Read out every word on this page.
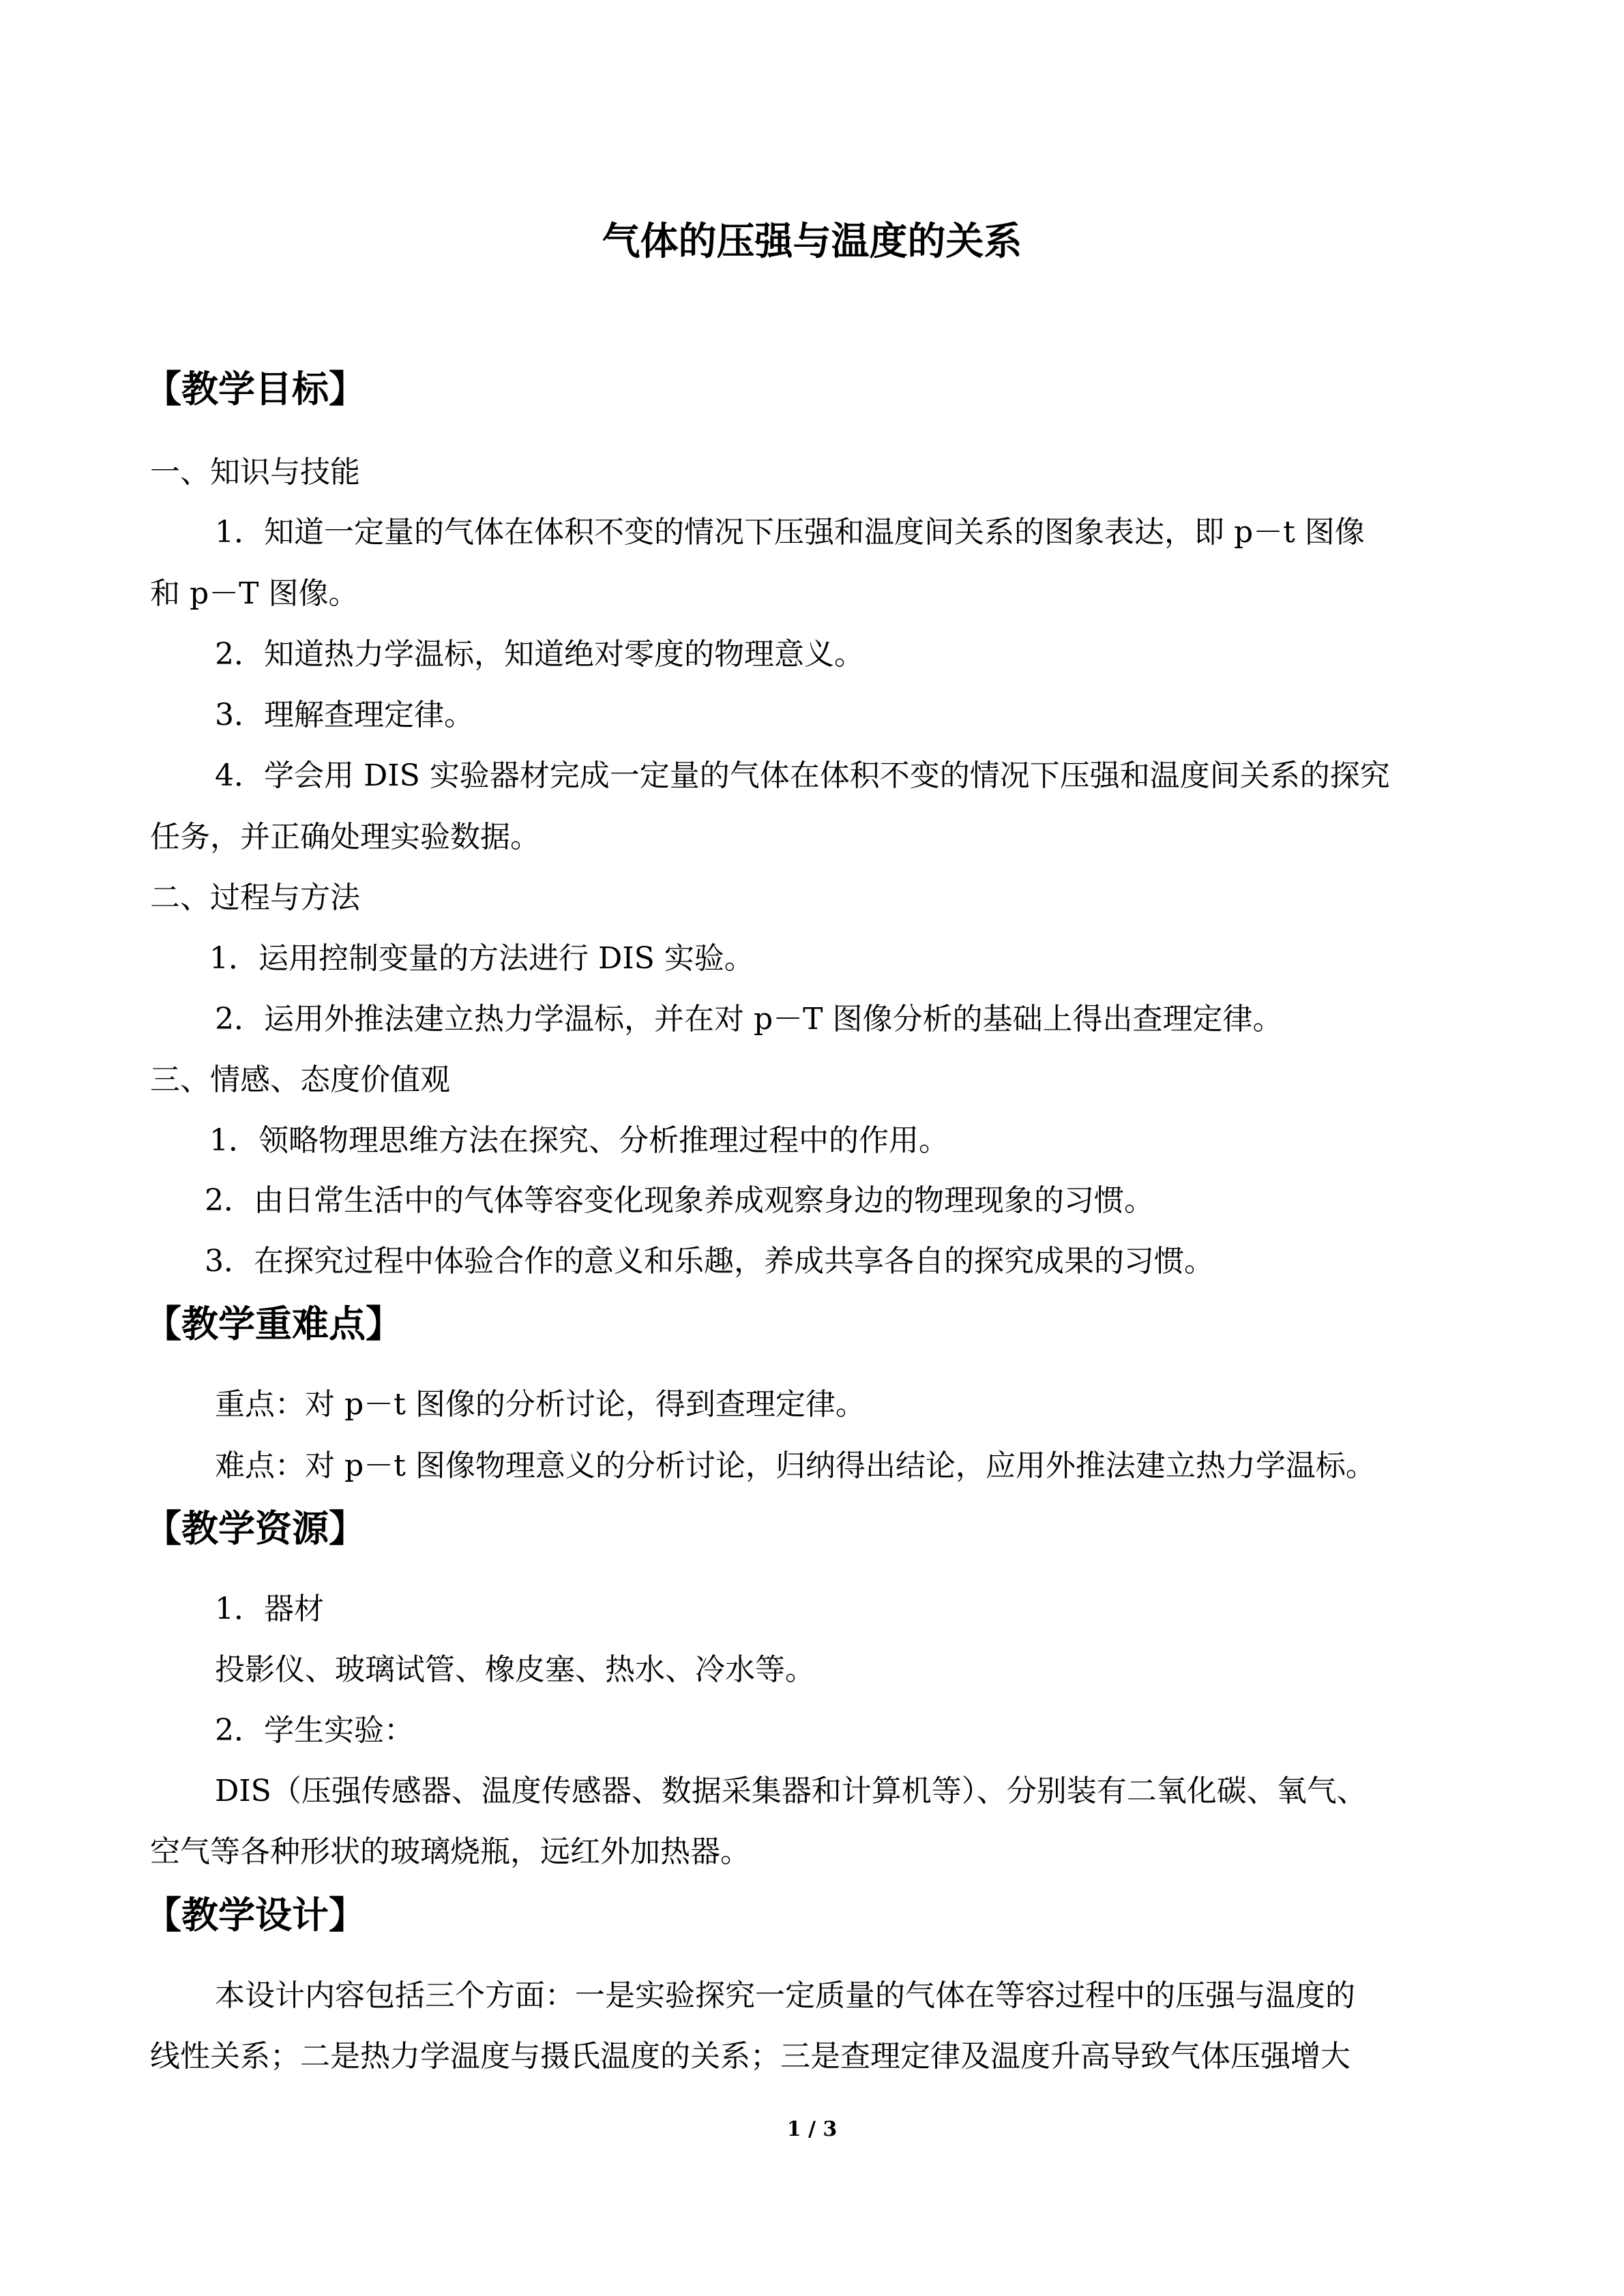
气体的压强与温度的关系
【教学目标】
一、知识与技能
1．知道一定量的气体在体积不变的情况下压强和温度间关系的图象表达，即 p－t 图像
和 p－T 图像。
2．知道热力学温标，知道绝对零度的物理意义。
3．理解查理定律。
4．学会用 DIS 实验器材完成一定量的气体在体积不变的情况下压强和温度间关系的探究
任务，并正确处理实验数据。
二、过程与方法
1．运用控制变量的方法进行 DIS 实验。
2．运用外推法建立热力学温标，并在对 p－T 图像分析的基础上得出查理定律。
三、情感、态度价值观
1．领略物理思维方法在探究、分析推理过程中的作用。
2．由日常生活中的气体等容变化现象养成观察身边的物理现象的习惯。
3．在探究过程中体验合作的意义和乐趣，养成共享各自的探究成果的习惯。
【教学重难点】
重点：对 p－t 图像的分析讨论，得到查理定律。
难点：对 p－t 图像物理意义的分析讨论，归纳得出结论，应用外推法建立热力学温标。
【教学资源】
1．器材
投影仪、玻璃试管、橡皮塞、热水、冷水等。
2．学生实验：
DIS（压强传感器、温度传感器、数据采集器和计算机等）、分别装有二氧化碳、氧气、
空气等各种形状的玻璃烧瓶，远红外加热器。
【教学设计】
本设计内容包括三个方面：一是实验探究一定质量的气体在等容过程中的压强与温度的
线性关系；二是热力学温度与摄氏温度的关系；三是查理定律及温度升高导致气体压强增大
1 / 3
